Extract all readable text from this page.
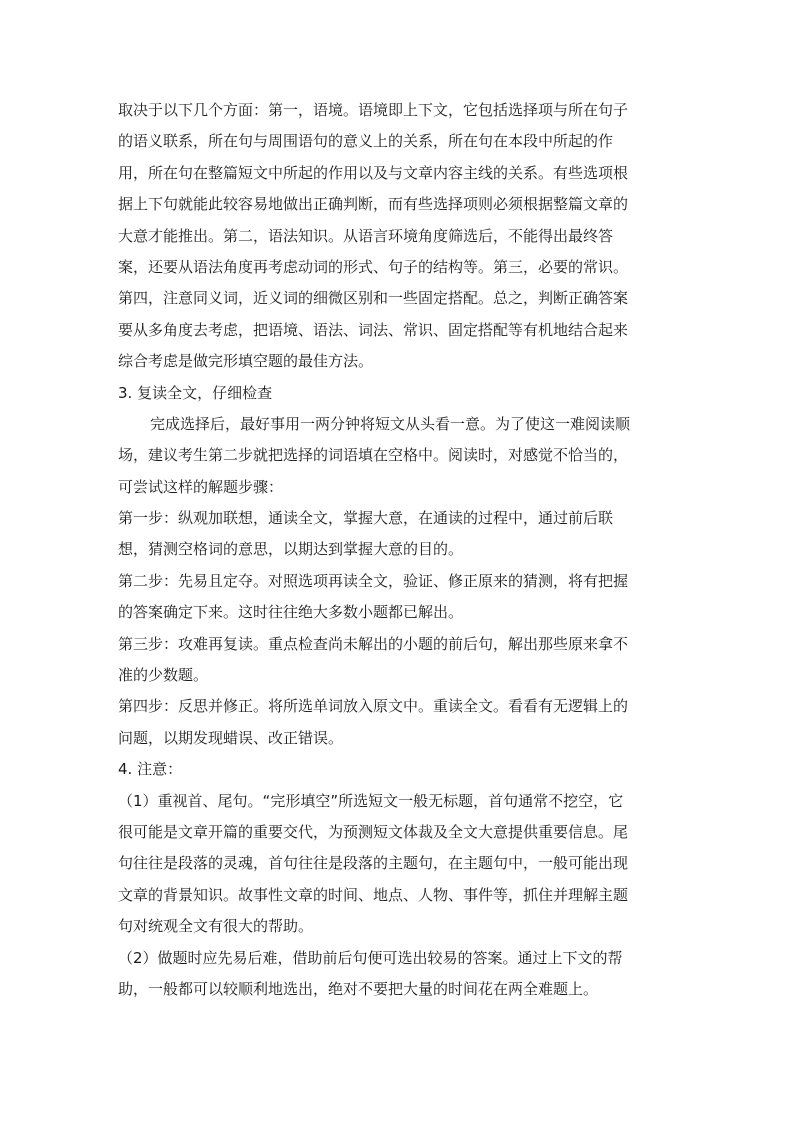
取决于以下几个方面：第一，语境。语境即上下文，它包括选择项与所在句子
的语义联系，所在句与周围语句的意义上的关系，所在句在本段中所起的作
用，所在句在整篇短文中所起的作用以及与文章内容主线的关系。有些选项根
据上下句就能此较容易地做出正确判断，而有些选择项则必须根据整篇文章的
大意才能推出。第二，语法知识。从语言环境角度筛选后，不能得出最终答
案，还要从语法角度再考虑动词的形式、句子的结构等。第三，必要的常识。
第四，注意同义词，近义词的细微区别和一些固定搭配。总之，判断正确答案
要从多角度去考虑，把语境、语法、词法、常识、固定搭配等有机地结合起来
综合考虑是做完形填空题的最佳方法。
3. 复读全文，仔细检查
完成选择后，最好事用一两分钟将短文从头看一意。为了使这一难阅读顺
场，建议考生第二步就把选择的词语填在空格中。阅读时，对感觉不恰当的，
可尝试这样的解题步骤：
第一步：纵观加联想，通读全文，掌握大意，在通读的过程中，通过前后联
想，猜测空格词的意思，以期达到掌握大意的目的。
第二步：先易且定夺。对照选项再读全文，验证、修正原来的猜测，将有把握
的答案确定下来。这时往往绝大多数小题都已解出。
第三步：攻难再复读。重点检查尚未解出的小题的前后句，解出那些原来拿不
准的少数题。
第四步：反思并修正。将所选单词放入原文中。重读全文。看看有无逻辑上的
问题，以期发现蜡误、改正错误。
4. 注意：
（1）重视首、尾句。“完形填空”所选短文一般无标题，首句通常不挖空，它
很可能是文章开篇的重要交代，为预测短文体裁及全文大意提供重要信息。尾
句往往是段落的灵魂，首句往往是段落的主题句，在主题句中，一般可能出现
文章的背景知识。故事性文章的时间、地点、人物、事件等，抓住并理解主题
句对统观全文有很大的帮助。
（2）做题时应先易后难，借助前后句便可选出较易的答案。通过上下文的帮
助，一般都可以较顺利地选出，绝对不要把大量的时间花在两全难题上。
